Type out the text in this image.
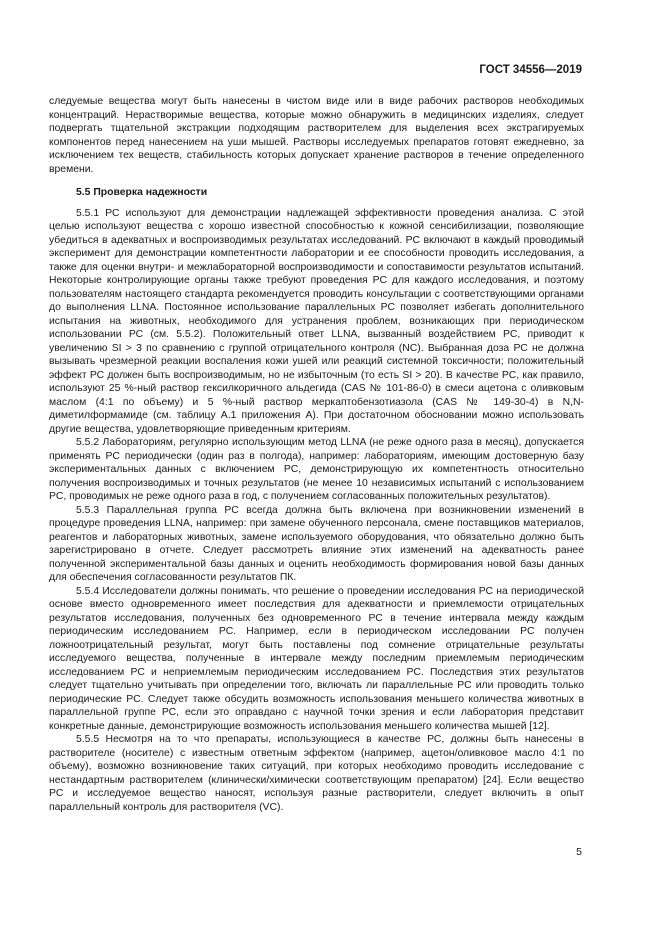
ГОСТ 34556—2019

следуемые вещества могут быть нанесены в чистом виде или в виде рабочих растворов необходимых концентраций. Нерастворимые вещества, которые можно обнаружить в медицинских изделиях, следует подвергать тщательной экстракции подходящим растворителем для выделения всех экстрагируемых компонентов перед нанесением на уши мышей. Растворы исследуемых препаратов готовят ежедневно, за исключением тех веществ, стабильность которых допускает хранение растворов в течение определенного времени.

5.5 Проверка надежности

5.5.1 РС используют для демонстрации надлежащей эффективности проведения анализа. С этой целью используют вещества с хорошо известной способностью к кожной сенсибилизации, позволяющие убедиться в адекватных и воспроизводимых результатах исследований. РС включают в каждый проводимый эксперимент для демонстрации компетентности лаборатории и ее способности проводить исследования, а также для оценки внутри- и межлабораторной воспроизводимости и сопоставимости результатов испытаний. Некоторые контролирующие органы также требуют проведения РС для каждого исследования, и поэтому пользователям настоящего стандарта рекомендуется проводить консультации с соответствующими органами до выполнения LLNA. Постоянное использование параллельных РС позволяет избегать дополнительного испытания на животных, необходимого для устранения проблем, возникающих при периодическом использовании РС (см. 5.5.2). Положительный ответ LLNA, вызванный воздействием РС, приводит к увеличению SI > 3 по сравнению с группой отрицательного контроля (NC). Выбранная доза РС не должна вызывать чрезмерной реакции воспаления кожи ушей или реакций системной токсичности; положительный эффект РС должен быть воспроизводимым, но не избыточным (то есть SI > 20). В качестве РС, как правило, используют 25 %-ный раствор гексилкоричного альдегида (CAS № 101-86-0) в смеси ацетона с оливковым маслом (4:1 по объему) и 5 %-ный раствор меркаптобензотиазола (CAS № 149-30-4) в N,N-диметилформамиде (см. таблицу А.1 приложения А). При достаточном обосновании можно использовать другие вещества, удовлетворяющие приведенным критериям.

5.5.2 Лабораториям, регулярно использующим метод LLNA (не реже одного раза в месяц), допускается применять РС периодически (один раз в полгода), например: лабораториям, имеющим достоверную базу экспериментальных данных с включением РС, демонстрирующую их компетентность относительно получения воспроизводимых и точных результатов (не менее 10 независимых испытаний с использованием РС, проводимых не реже одного раза в год, с получением согласованных положительных результатов).

5.5.3 Параллельная группа РС всегда должна быть включена при возникновении изменений в процедуре проведения LLNA, например: при замене обученного персонала, смене поставщиков материалов, реагентов и лабораторных животных, замене используемого оборудования, что обязательно должно быть зарегистрировано в отчете. Следует рассмотреть влияние этих изменений на адекватность ранее полученной экспериментальной базы данных и оценить необходимость формирования новой базы данных для обеспечения согласованности результатов ПК.

5.5.4 Исследователи должны понимать, что решение о проведении исследования РС на периодической основе вместо одновременного имеет последствия для адекватности и приемлемости отрицательных результатов исследования, полученных без одновременного РС в течение интервала между каждым периодическим исследованием РС. Например, если в периодическом исследовании РС получен ложноотрицательный результат, могут быть поставлены под сомнение отрицательные результаты исследуемого вещества, полученные в интервале между последним приемлемым периодическим исследованием РС и неприемлемым периодическим исследованием РС. Последствия этих результатов следует тщательно учитывать при определении того, включать ли параллельные РС или проводить только периодические РС. Следует также обсудить возможность использования меньшего количества животных в параллельной группе РС, если это оправдано с научной точки зрения и если лаборатория представит конкретные данные, демонстрирующие возможность использования меньшего количества мышей [12].

5.5.5 Несмотря на то что препараты, использующиеся в качестве РС, должны быть нанесены в растворителе (носителе) с известным ответным эффектом (например, ацетон/оливковое масло 4:1 по объему), возможно возникновение таких ситуаций, при которых необходимо проводить исследование с нестандартным растворителем (клинически/химически соответствующим препаратом) [24]. Если вещество РС и исследуемое вещество наносят, используя разные растворители, следует включить в опыт параллельный контроль для растворителя (VC).

5
